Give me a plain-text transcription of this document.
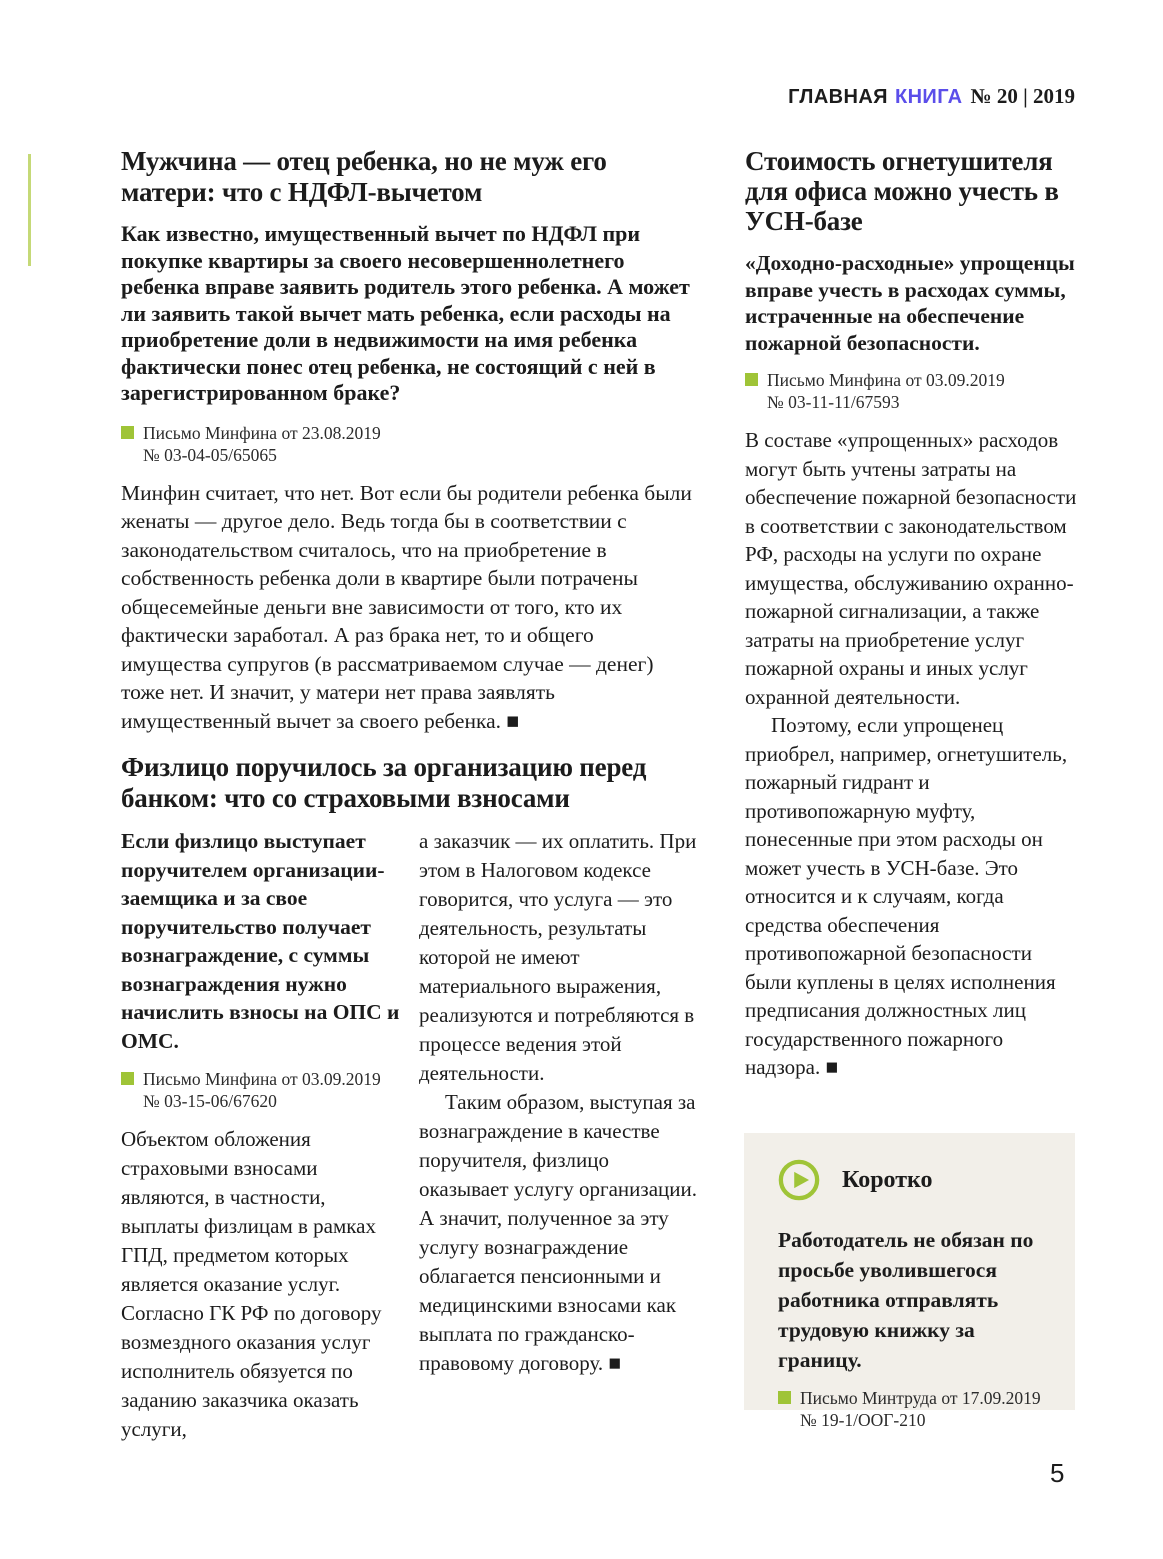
ГЛАВНАЯ КНИГА № 20 | 2019
Мужчина — отец ребенка, но не муж его матери: что с НДФЛ-вычетом

Как известно, имущественный вычет по НДФЛ при покупке квартиры за своего несовершеннолетнего ребенка вправе заявить родитель этого ребенка. А может ли заявить такой вычет мать ребенка, если расходы на приобретение доли в недвижимости на имя ребенка фактически понес отец ребенка, не состоящий с ней в зарегистрированном браке?

Письмо Минфина от 23.08.2019
№ 03-04-05/65065

Минфин считает, что нет. Вот если бы родители ребенка были женаты — другое дело. Ведь тогда бы в соответствии с законодательством считалось, что на приобретение в собственность ребенка доли в квартире были потрачены общесемейные деньги вне зависимости от того, кто их фактически заработал. А раз брака нет, то и общего имущества супругов (в рассматриваемом случае — денег) тоже нет. И значит, у матери нет права заявлять имущественный вычет за своего ребенка. ■

Физлицо поручилось за организацию перед банком: что со страховыми взносами

Если физлицо выступает поручителем организации-заемщика и за свое поручительство получает вознаграждение, с суммы вознаграждения нужно начислить взносы на ОПС и ОМС.

Письмо Минфина от 03.09.2019
№ 03-15-06/67620

Объектом обложения страховыми взносами являются, в частности, выплаты физлицам в рамках ГПД, предметом которых является оказание услуг. Согласно ГК РФ по договору возмездного оказания услуг исполнитель обязуется по заданию заказчика оказать услуги,

а заказчик — их оплатить. При этом в Налоговом кодексе говорится, что услуга — это деятельность, результаты которой не имеют материального выражения, реализуются и потребляются в процессе ведения этой деятельности.

Таким образом, выступая за вознаграждение в качестве поручителя, физлицо оказывает услугу организации. А значит, полученное за эту услугу вознаграждение облагается пенсионными и медицинскими взносами как выплата по гражданско-правовому договору. ■

Стоимость огнетушителя для офиса можно учесть в УСН-базе

«Доходно-расходные» упрощенцы вправе учесть в расходах суммы, истраченные на обеспечение пожарной безопасности.

Письмо Минфина от 03.09.2019
№ 03-11-11/67593

В составе «упрощенных» расходов могут быть учтены затраты на обеспечение пожарной безопасности в соответствии с законодательством РФ, расходы на услуги по охране имущества, обслуживанию охранно-пожарной сигнализации, а также затраты на приобретение услуг пожарной охраны и иных услуг охранной деятельности.

Поэтому, если упрощенец приобрел, например, огнетушитель, пожарный гидрант и противопожарную муфту, понесенные при этом расходы он может учесть в УСН-базе. Это относится и к случаям, когда средства обеспечения противопожарной безопасности были куплены в целях исполнения предписания должностных лиц государственного пожарного надзора. ■

Коротко

Работодатель не обязан по просьбе уволившегося работника отправлять трудовую книжку за границу.

Письмо Минтруда от 17.09.2019
№ 19-1/ООГ-210
5
